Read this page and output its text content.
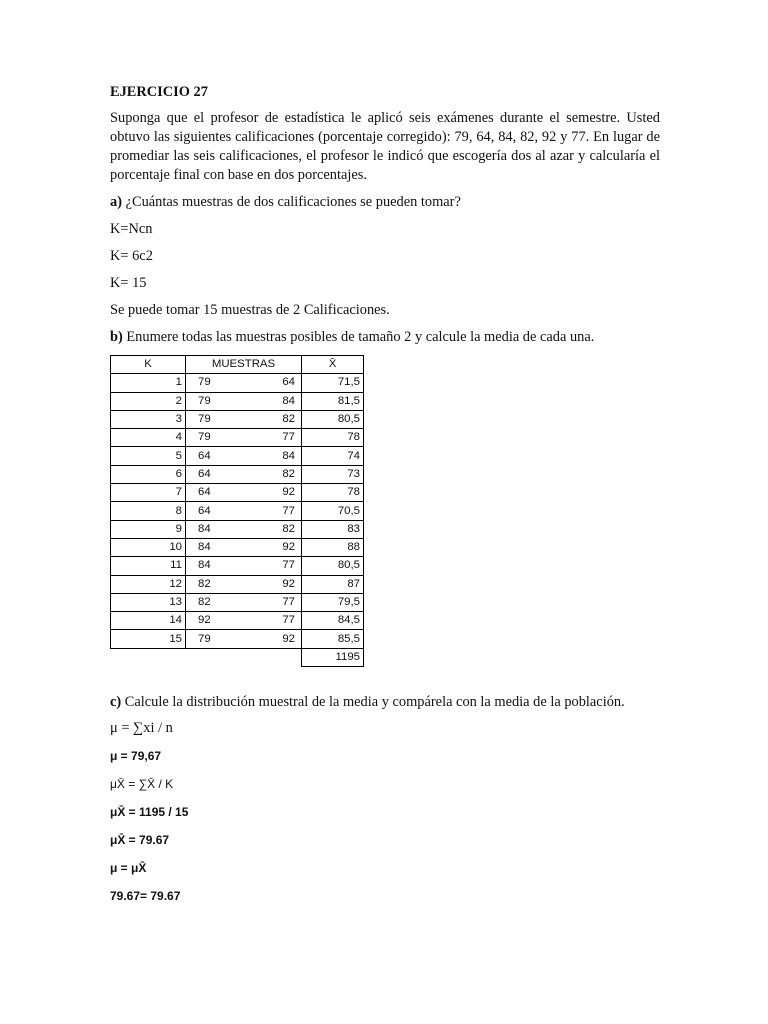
EJERCICIO 27

Suponga que el profesor de estadística le aplicó seis exámenes durante el semestre. Usted obtuvo las siguientes calificaciones (porcentaje corregido): 79, 64, 84, 82, 92 y 77. En lugar de promediar las seis calificaciones, el profesor le indicó que escogería dos al azar y calcularía el porcentaje final con base en dos porcentajes.

a) ¿Cuántas muestras de dos calificaciones se pueden tomar?

K=Ncn

K= 6c2

K= 15

Se puede tomar 15 muestras de 2 Calificaciones.

b) Enumere todas las muestras posibles de tamaño 2 y calcule la media de cada una.

K	MUESTRAS		X̄
1	79	64	71,5
2	79	84	81,5
3	79	82	80,5
4	79	77	78
5	64	84	74
6	64	82	73
7	64	92	78
8	64	77	70,5
9	84	82	83
10	84	92	88
11	84	77	80,5
12	82	92	87
13	82	77	79,5
14	92	77	84,5
15	79	92	85,5
			1195

c) Calcule la distribución muestral de la media y compárela con la media de la población.

μ = ∑xi / n

μ = 79,67

μX̄ = ∑X̄ / K

μX̄ = 1195 / 15

μX̄ = 79.67

μ = μX̄

79.67= 79.67
